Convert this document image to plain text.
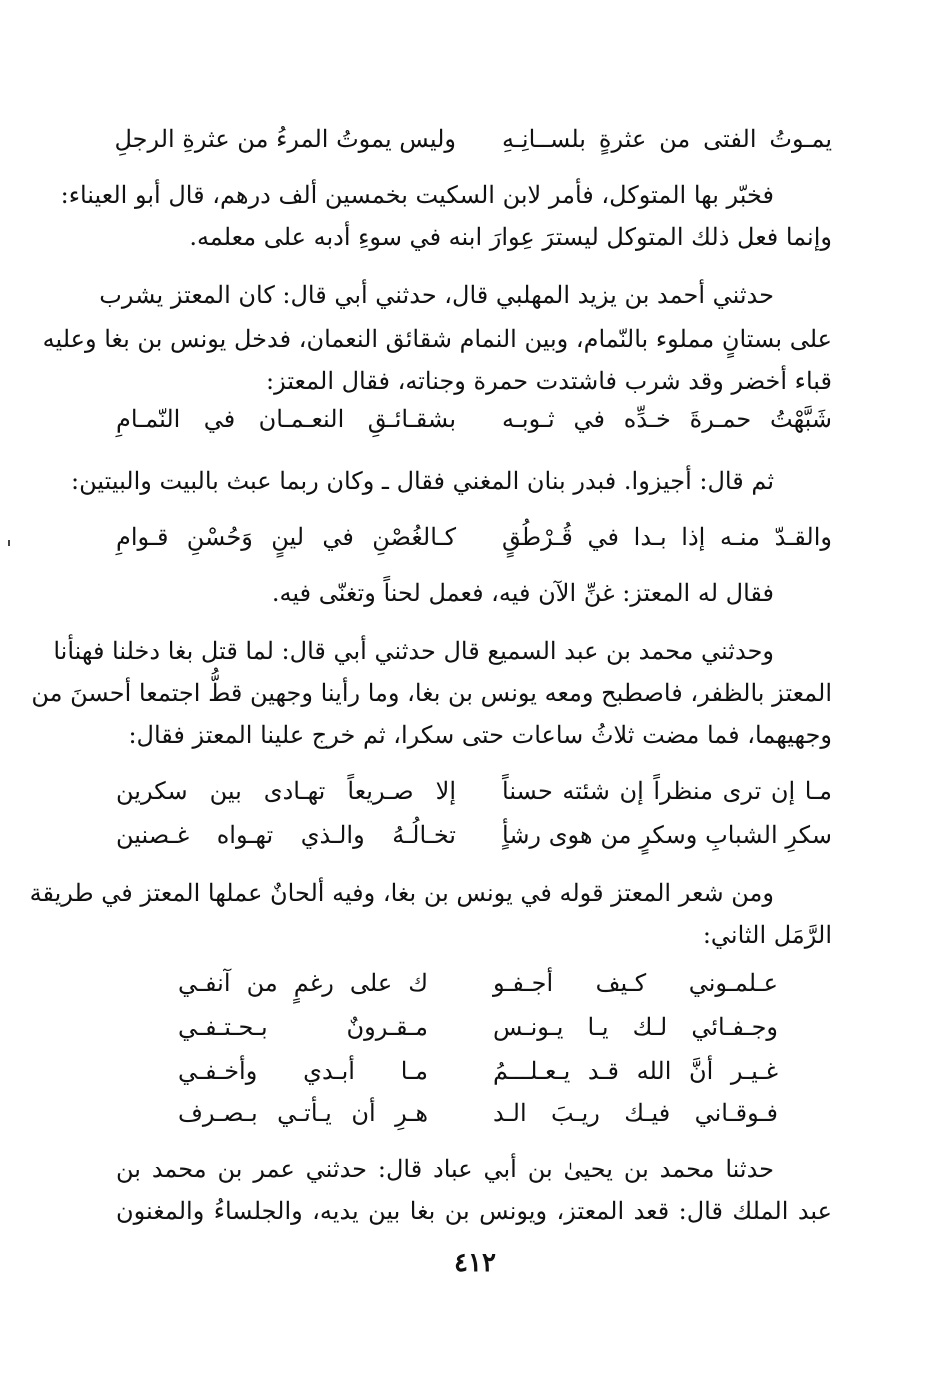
يمـوتُ الفتى من عثرةٍ بلســانِـهِ
وليس يموتُ المرءُ من عثرةِ الرجلِ
فخبّر بها المتوكل، فأمر لابن السكيت بخمسين ألف درهم، قال أبو العيناء:
وإنما فعل ذلك المتوكل ليسترَ عِوارَ ابنه في سوءِ أدبه على معلمه.
حدثني أحمد بن يزيد المهلبي قال، حدثني أبي قال: كان المعتز يشرب
على بستانٍ مملوء بالنّمام، وبين النمام شقائق النعمان، فدخل يونس بن بغا وعليه
قباء أخضر وقد شرب فاشتدت حمرة وجناته، فقال المعتز:
شَبَّهْتُ حمـرةَ خـدِّه في ثـوبـه
بشقـائـقِ النعـمـان في النّمـامِ
ثم قال: أجيزوا. فبدر بنان المغني فقال ـ وكان ربما عبث بالبيت والبيتين:
والقـدّ منـه إذا بـدا في قُـرْطُقٍ
كـالغُصْنِ في لينٍ وَحُسْنِ قـوامِ
فقال له المعتز: غنِّ الآن فيه، فعمل لحناً وتغنّى فيه.
وحدثني محمد بن عبد السميع قال حدثني أبي قال: لما قتل بغا دخلنا فهنأنا
المعتز بالظفر، فاصطبح ومعه يونس بن بغا، وما رأينا وجهين قطُّ اجتمعا أحسنَ من
وجهيهما، فما مضت ثلاثُ ساعات حتى سكرا، ثم خرج علينا المعتز فقال:
مـا إن ترى منظراً إن شئته حسناً
إلا صـريعاً تهـادى بين سكرين
سكرِ الشبابِ وسكرٍ من هوى رشأٍ
تخـالُـهُ والـذي تهـواه غـصنين
ومن شعر المعتز قوله في يونس بن بغا، وفيه ألحانٌ عملها المعتز في طريقة
الرَّمَل الثاني:
عـلمـوني كـيف أجـفـو
ك على رغمٍ من آنفـي
وجـفـائي لـك يـا يـونـس
مـقـرونٌ بـحـتـفـي
غـيـر أنَّ الله قـد يـعـلـــمُ
مـا أبـدي وأخـفـي
فـوقـاني فيـك ريـبَ الـد
هـرِ أن يـأتـي بـصـرف
حدثنا محمد بن يحيىٰ بن أبي عباد قال: حدثني عمر بن محمد بن
عبد الملك قال: قعد المعتز، ويونس بن بغا بين يديه، والجلساءُ والمغنون
٤١٢
